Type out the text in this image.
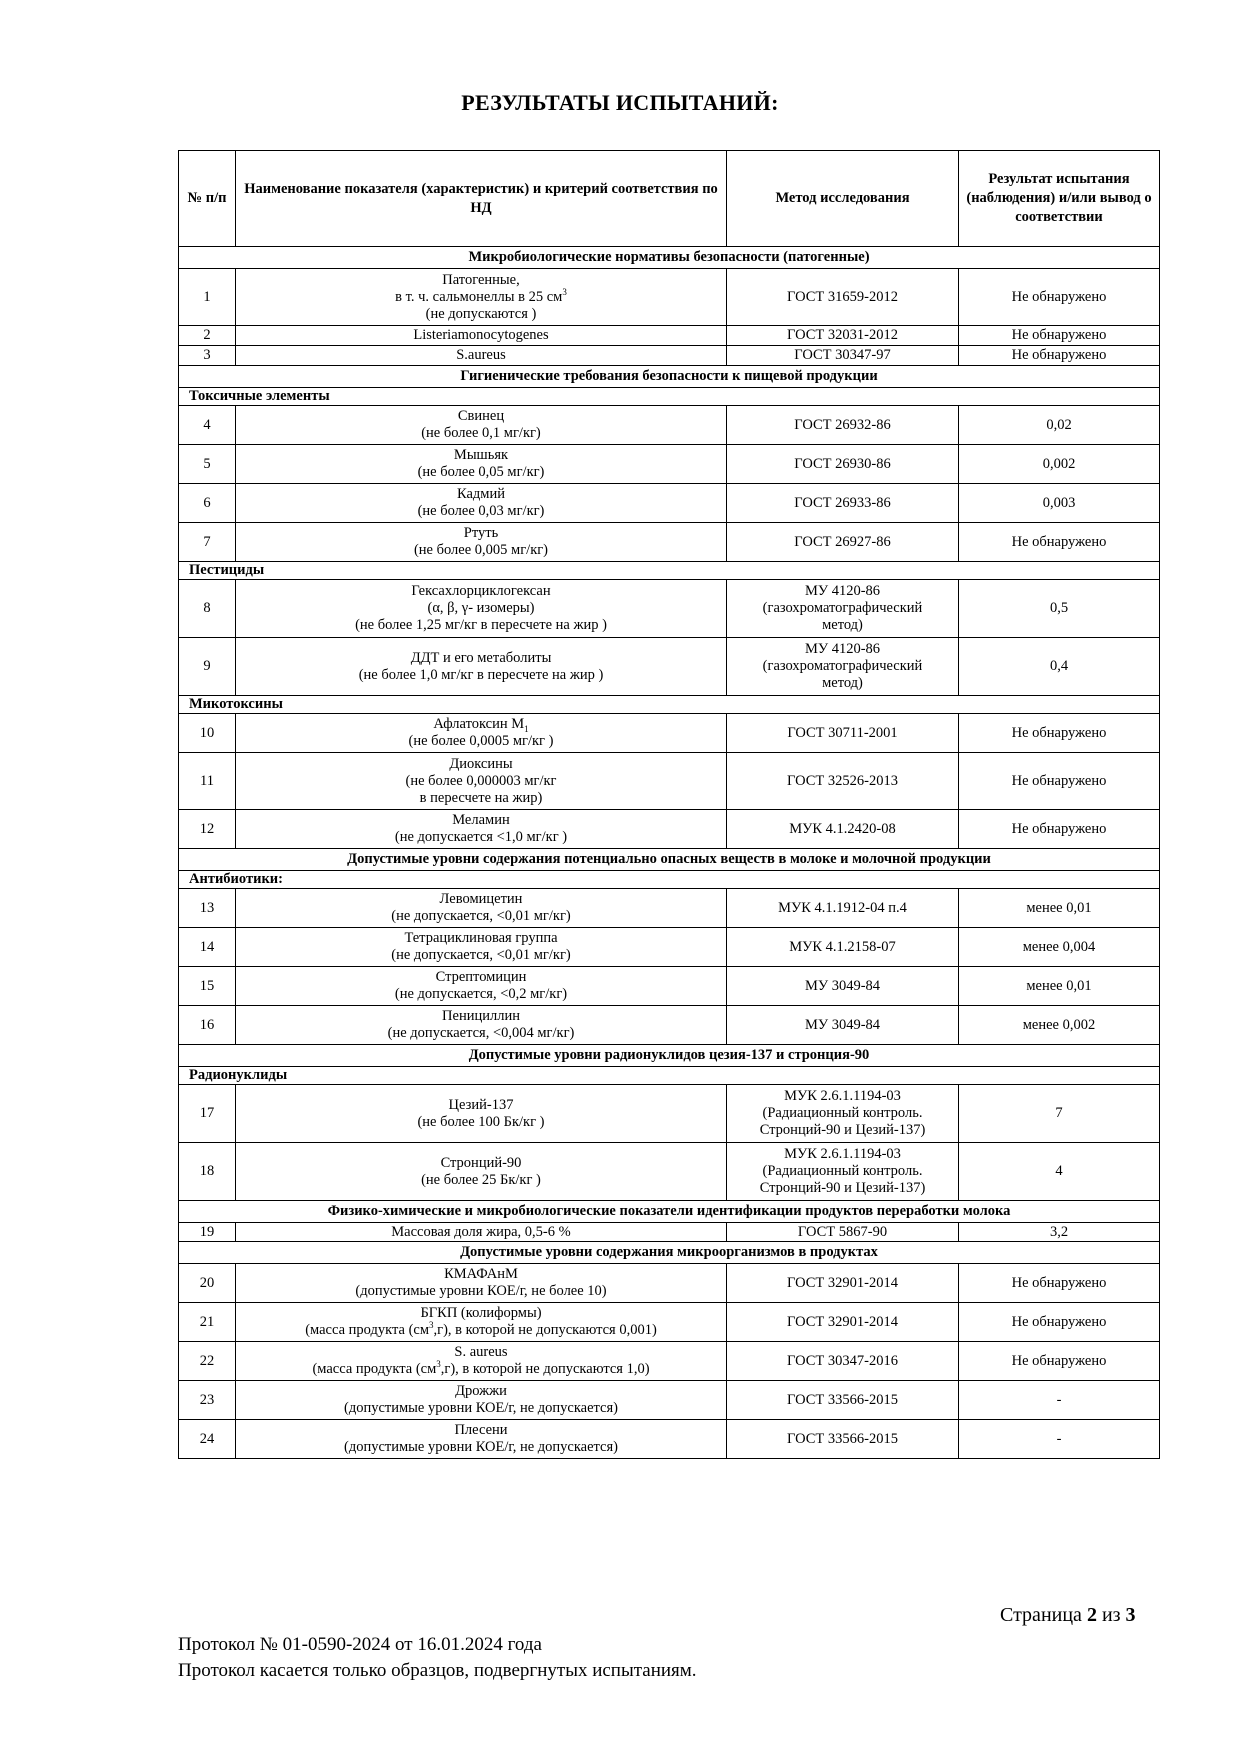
РЕЗУЛЬТАТЫ ИСПЫТАНИЙ:
№ п/п	Наименование показателя (характеристик) и критерий соответствия по НД	Метод исследования	Результат испытания (наблюдения) и/или вывод о соответствии
Микробиологические нормативы безопасности (патогенные)			
1	Патогенные,
в т. ч. сальмонеллы в 25 $см^3$
(не допускаются )	ГОСТ 31659-2012	Не обнаружено
2	Listeriamonocytogenes	ГОСТ 32031-2012	Не обнаружено
3	S.aureus	ГОСТ 30347-97	Не обнаружено
Гигиенические требования безопасности к пищевой продукции			
Токсичные элементы			
4	Свинец
(не более 0,1 мг/кг)	ГОСТ 26932-86	0,02
5	Мышьяк
(не более 0,05 мг/кг)	ГОСТ 26930-86	0,002
6	Кадмий
(не более 0,03 мг/кг)	ГОСТ 26933-86	0,003
7	Ртуть
(не более 0,005 мг/кг)	ГОСТ 26927-86	Не обнаружено
Пестициды			
8	Гексахлорциклогексан
(α, β, γ- изомеры)
(не более 1,25 мг/кг в пересчете на жир )	МУ 4120-86
(газохроматографический
метод)	0,5
9	ДДТ и его метаболиты
(не более 1,0 мг/кг в пересчете на жир )	МУ 4120-86
(газохроматографический
метод)	0,4
Микотоксины			
10	Афлатоксин $М_1$
(не более 0,0005 мг/кг )	ГОСТ 30711-2001	Не обнаружено
11	Диоксины
(не более 0,000003 мг/кг
в пересчете на жир)	ГОСТ 32526-2013	Не обнаружено
12	Меламин
(не допускается <1,0 мг/кг )	МУК 4.1.2420-08	Не обнаружено
Допустимые уровни содержания потенциально опасных веществ в молоке и молочной продукции			
Антибиотики:			
13	Левомицетин
(не допускается, <0,01 мг/кг)	МУК 4.1.1912-04 п.4	менее 0,01
14	Тетрациклиновая группа
(не допускается, <0,01 мг/кг)	МУК 4.1.2158-07	менее 0,004
15	Стрептомицин
(не допускается, <0,2 мг/кг)	МУ 3049-84	менее 0,01
16	Пенициллин
(не допускается, <0,004 мг/кг)	МУ 3049-84	менее 0,002
Допустимые уровни радионуклидов цезия-137 и стронция-90			
Радионуклиды			
17	Цезий-137
(не более 100 Бк/кг )	МУК 2.6.1.1194-03
(Радиационный контроль.
Стронций-90 и Цезий-137)	7
18	Стронций-90
(не более 25 Бк/кг )	МУК 2.6.1.1194-03
(Радиационный контроль.
Стронций-90 и Цезий-137)	4
Физико-химические и микробиологические показатели идентификации продуктов переработки молока			
19	Массовая доля жира, 0,5-6 %	ГОСТ 5867-90	3,2
Допустимые уровни содержания микроорганизмов в продуктах			
20	КМАФАнМ
(допустимые уровни КОЕ/г, не более 10)	ГОСТ 32901-2014	Не обнаружено
21	БГКП (колиформы)
(масса продукта $(см^3,г)$, в которой не допускаются 0,001)	ГОСТ 32901-2014	Не обнаружено
22	S. aureus
(масса продукта $(см^3,г)$, в которой не допускаются 1,0)	ГОСТ 30347-2016	Не обнаружено
23	Дрожжи
(допустимые уровни КОЕ/г, не допускается)	ГОСТ 33566-2015	-
24	Плесени
(допустимые уровни КОЕ/г, не допускается)	ГОСТ 33566-2015	-
Страница 2 из 3
Протокол № 01-0590-2024 от 16.01.2024 года
Протокол касается только образцов, подвергнутых испытаниям.
